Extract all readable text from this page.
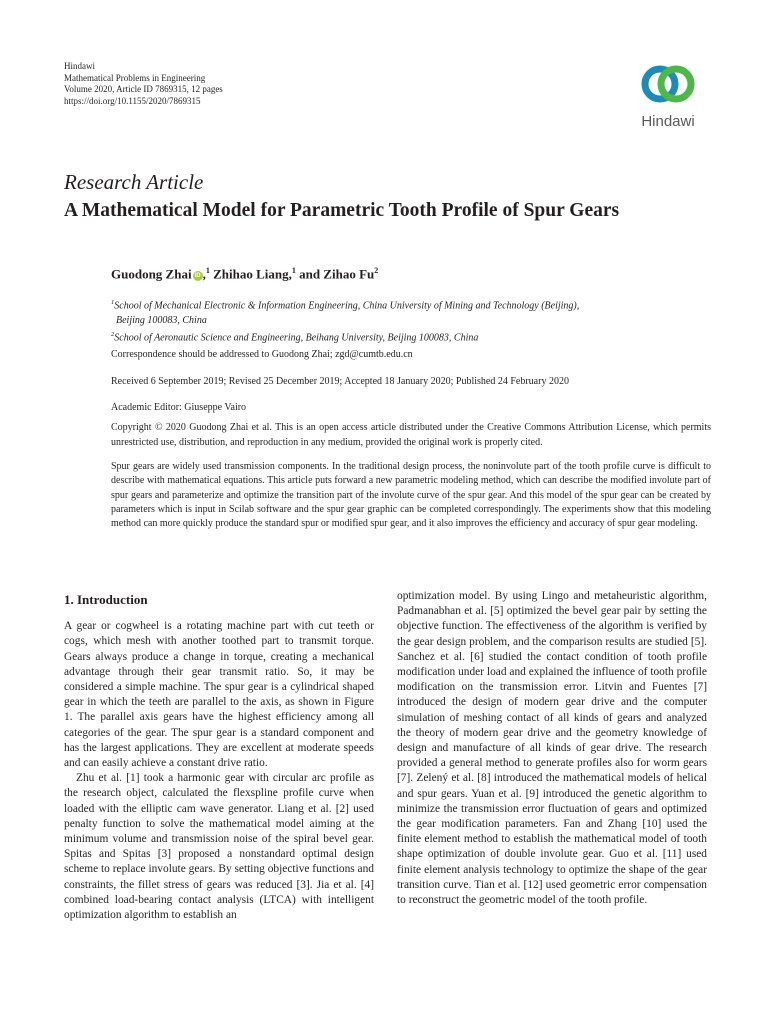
Hindawi
Mathematical Problems in Engineering
Volume 2020, Article ID 7869315, 12 pages
https://doi.org/10.1155/2020/7869315
Hindawi
Research Article
A Mathematical Model for Parametric Tooth Profile of Spur Gears
Guodong Zhai iD ,$^1$ Zhihao Liang,$^1$ and Zihao Fu$^2$
$^1$School of Mechanical Electronic & Information Engineering, China University of Mining and Technology (Beijing),
Beijing 100083, China
$^2$School of Aeronautic Science and Engineering, Beihang University, Beijing 100083, China
Correspondence should be addressed to Guodong Zhai; zgd@cumtb.edu.cn
Received 6 September 2019; Revised 25 December 2019; Accepted 18 January 2020; Published 24 February 2020
Academic Editor: Giuseppe Vairo
Copyright © 2020 Guodong Zhai et al. This is an open access article distributed under the Creative Commons Attribution License, which permits unrestricted use, distribution, and reproduction in any medium, provided the original work is properly cited.
Spur gears are widely used transmission components. In the traditional design process, the noninvolute part of the tooth profile curve is difficult to describe with mathematical equations. This article puts forward a new parametric modeling method, which can describe the modified involute part of spur gears and parameterize and optimize the transition part of the involute curve of the spur gear. And this model of the spur gear can be created by parameters which is input in Scilab software and the spur gear graphic can be completed correspondingly. The experiments show that this modeling method can more quickly produce the standard spur or modified spur gear, and it also improves the efficiency and accuracy of spur gear modeling.
1. Introduction

A gear or cogwheel is a rotating machine part with cut teeth or cogs, which mesh with another toothed part to transmit torque. Gears always produce a change in torque, creating a mechanical advantage through their gear transmit ratio. So, it may be considered a simple machine. The spur gear is a cylindrical shaped gear in which the teeth are parallel to the axis, as shown in Figure 1. The parallel axis gears have the highest efficiency among all categories of the gear. The spur gear is a standard component and has the largest applications. They are excellent at moderate speeds and can easily achieve a constant drive ratio.

Zhu et al. [1] took a harmonic gear with circular arc profile as the research object, calculated the flexspline profile curve when loaded with the elliptic cam wave generator. Liang et al. [2] used penalty function to solve the mathematical model aiming at the minimum volume and transmission noise of the spiral bevel gear. Spitas and Spitas [3] proposed a nonstandard optimal design scheme to replace involute gears. By setting objective functions and constraints, the fillet stress of gears was reduced [3]. Jia et al. [4] combined load-bearing contact analysis (LTCA) with intelligent optimization algorithm to establish an

optimization model. By using Lingo and metaheuristic algorithm, Padmanabhan et al. [5] optimized the bevel gear pair by setting the objective function. The effectiveness of the algorithm is verified by the gear design problem, and the comparison results are studied [5]. Sanchez et al. [6] studied the contact condition of tooth profile modification under load and explained the influence of tooth profile modification on the transmission error. Litvin and Fuentes [7] introduced the design of modern gear drive and the computer simulation of meshing contact of all kinds of gears and analyzed the theory of modern gear drive and the geometry knowledge of design and manufacture of all kinds of gear drive. The research provided a general method to generate profiles also for worm gears [7]. Zelený et al. [8] introduced the mathematical models of helical and spur gears. Yuan et al. [9] introduced the genetic algorithm to minimize the transmission error fluctuation of gears and optimized the gear modification parameters. Fan and Zhang [10] used the finite element method to establish the mathematical model of tooth shape optimization of double involute gear. Guo et al. [11] used finite element analysis technology to optimize the shape of the gear transition curve. Tian et al. [12] used geometric error compensation to reconstruct the geometric model of the tooth profile.
